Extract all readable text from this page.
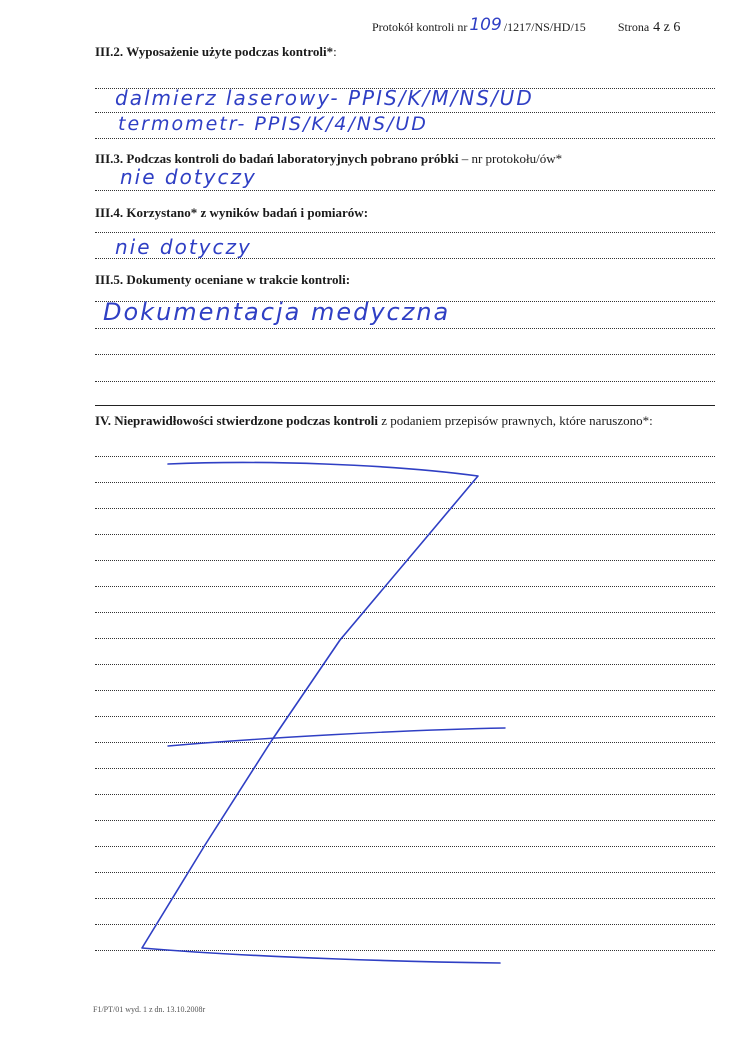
Protokół kontroli nr 109 /1217/NS/HD/15	Strona 4 z 6
III.2. Wyposażenie użyte podczas kontroli*:
dalmierz laserowy- PPIS/K/M/NS/UD
termometr- PPIS/K/4/NS/UD
III.3. Podczas kontroli do badań laboratoryjnych pobrano próbki – nr protokołu/ów*
nie dotyczy
III.4. Korzystano* z wyników badań i pomiarów:
nie dotyczy
III.5. Dokumenty oceniane w trakcie kontroli:
Dokumentacja medyczna
IV. Nieprawidłowości stwierdzone podczas kontroli z podaniem przepisów prawnych, które naruszono*:
F1/PT/01 wyd. 1 z dn. 13.10.2008r
